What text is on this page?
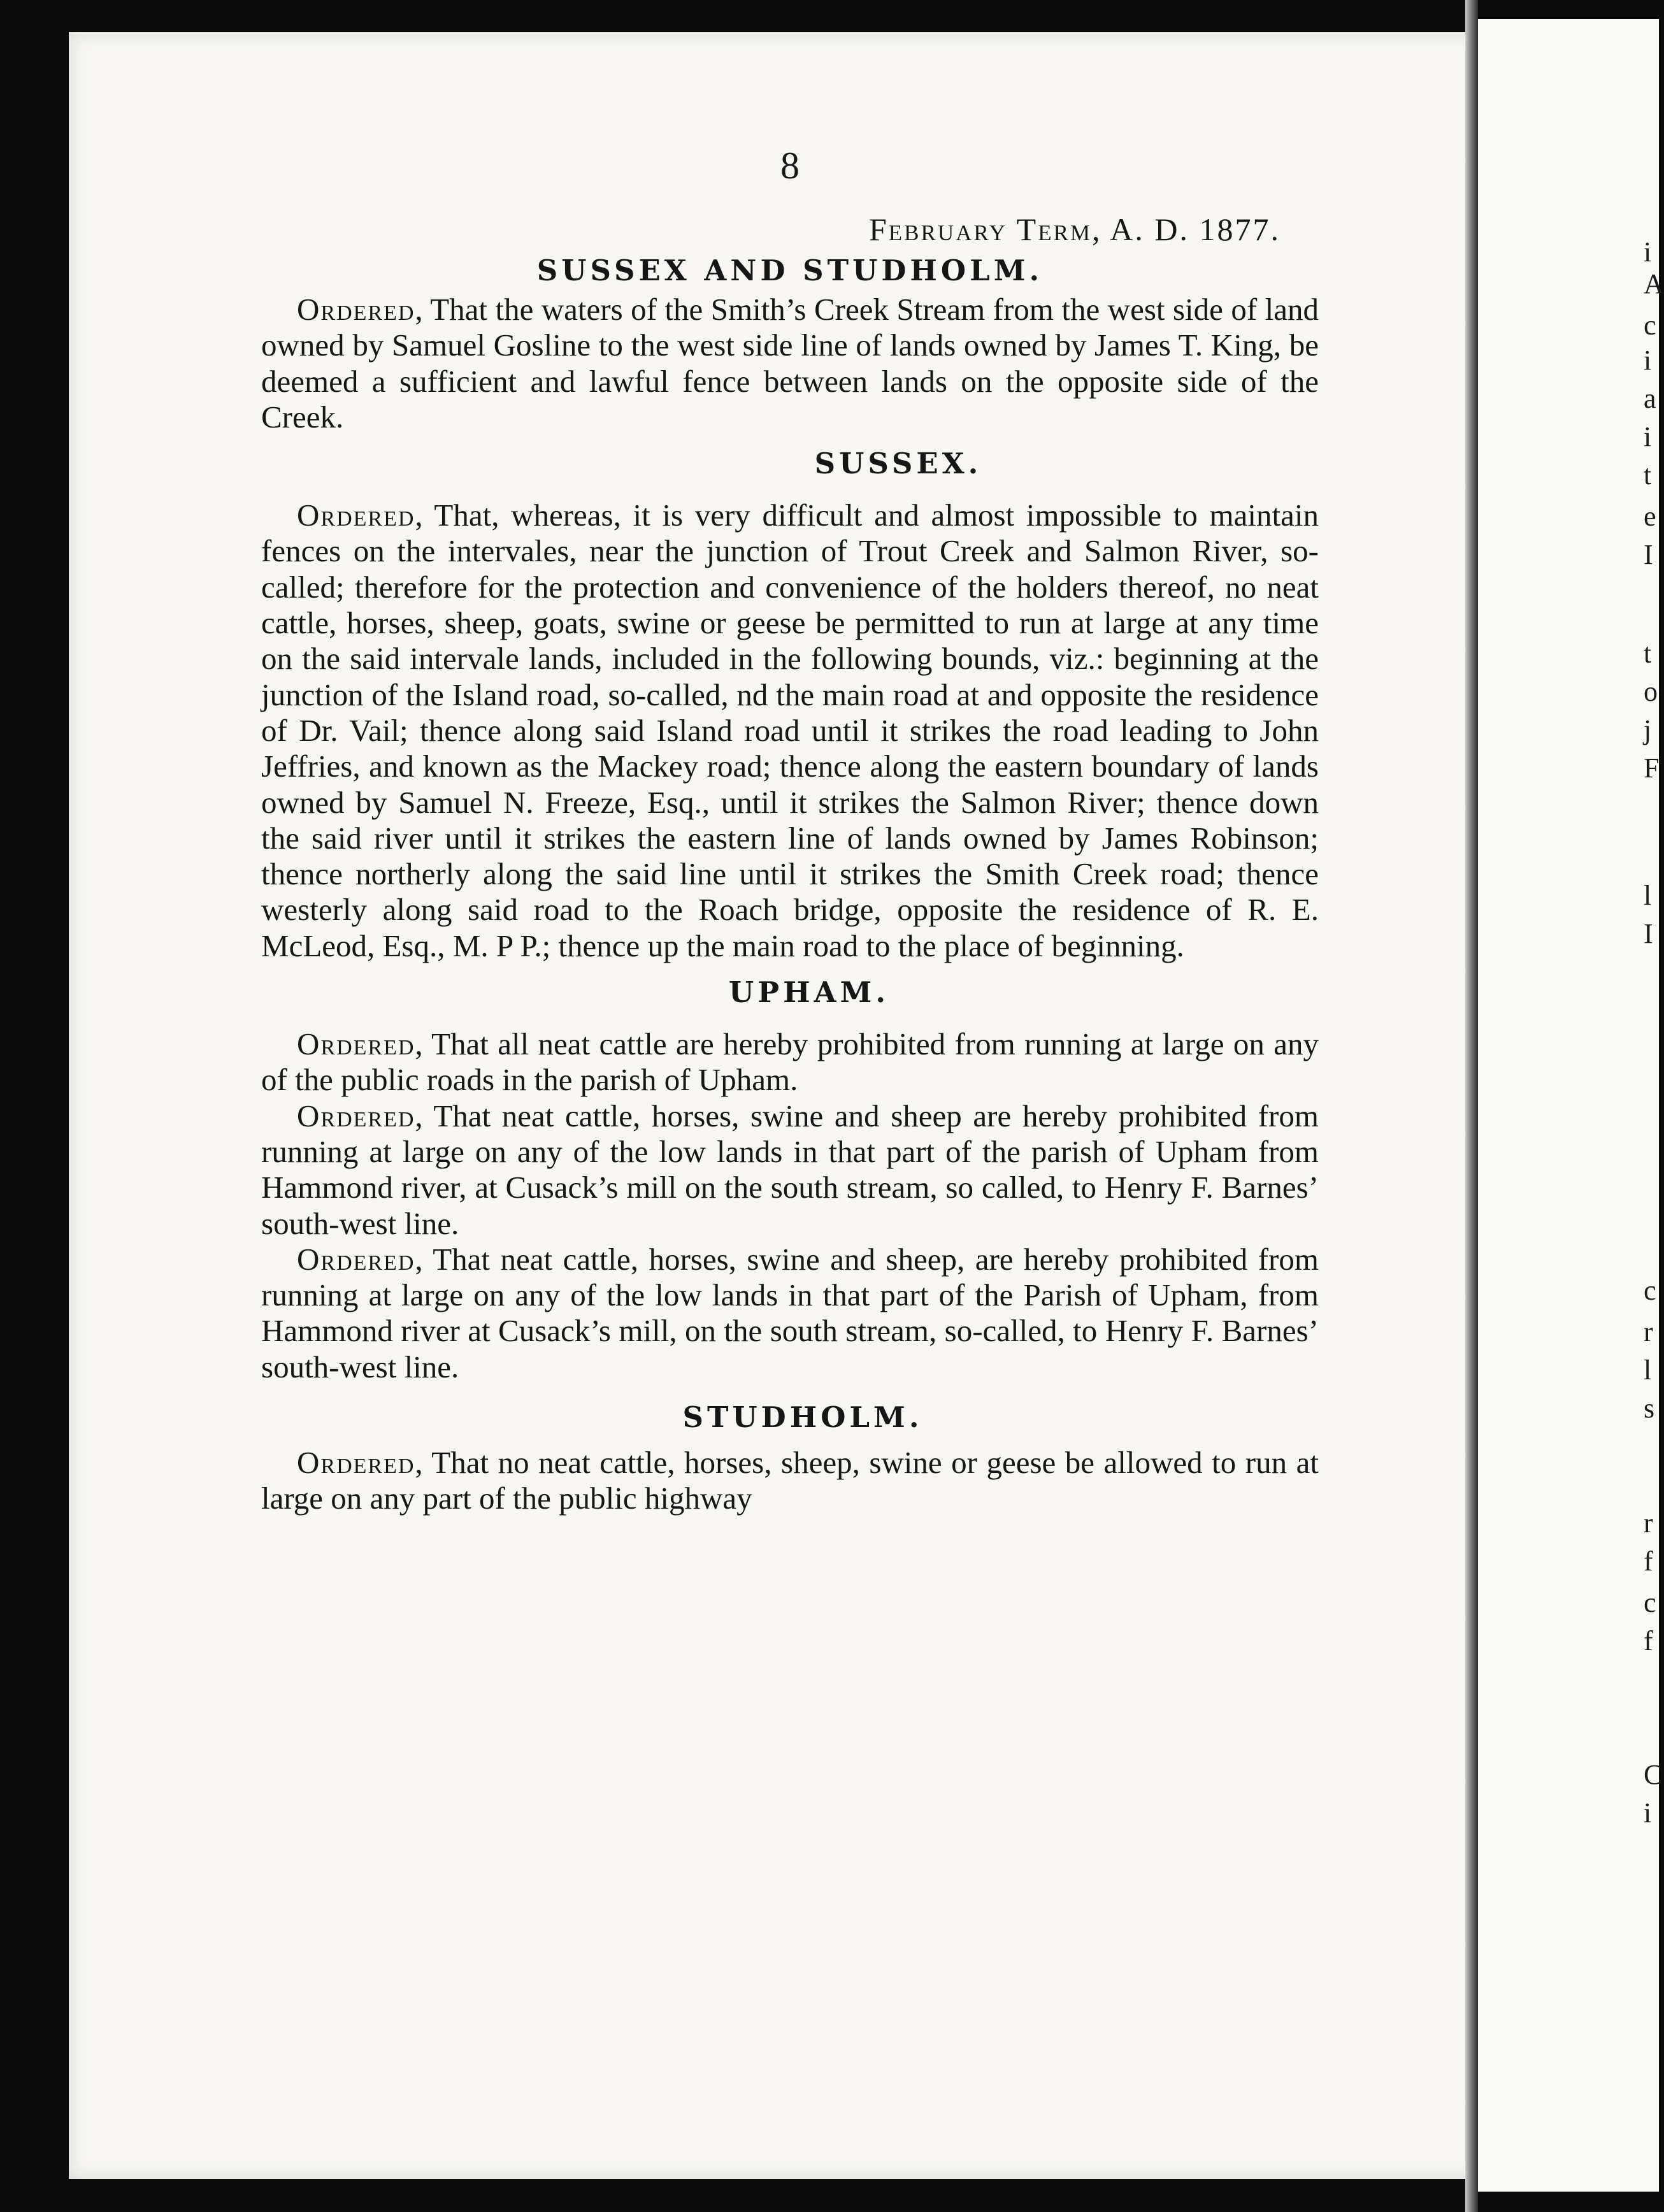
i
A
c
i
a
i
t
e
I
t
o
j
F
l
I
c
r
l
s
r
f
c
f
C
i
8
February Term, A. D. 1877.
SUSSEX AND STUDHOLM.

Ordered, That the waters of the Smith’s Creek Stream from the west side of land owned by Samuel Gosline to the west side line of lands owned by James T. King, be deemed a sufficient and lawful fence between lands on the opposite side of the Creek.

SUSSEX.

Ordered, That, whereas, it is very difficult and almost impossible to maintain fences on the intervales, near the junction of Trout Creek and Salmon River, so-called; therefore for the protection and convenience of the holders thereof, no neat cattle, horses, sheep, goats, swine or geese be permitted to run at large at any time on the said intervale lands, included in the following bounds, viz.: beginning at the junction of the Island road, so-called, nd the main road at and opposite the residence of Dr. Vail; thence along said Island road until it strikes the road leading to John Jeffries, and known as the Mackey road; thence along the eastern boundary of lands owned by Samuel N. Freeze, Esq., until it strikes the Salmon River; thence down the said river until it strikes the eastern line of lands owned by James Robinson; thence northerly along the said line until it strikes the Smith Creek road; thence westerly along said road to the Roach bridge, opposite the residence of R. E. McLeod, Esq., M. P P.; thence up the main road to the place of beginning.

UPHAM.

Ordered, That all neat cattle are hereby prohibited from running at large on any of the public roads in the parish of Upham.

Ordered, That neat cattle, horses, swine and sheep are hereby prohibited from running at large on any of the low lands in that part of the parish of Upham from Hammond river, at Cusack’s mill on the south stream, so called, to Henry F. Barnes’ south-west line.

Ordered, That neat cattle, horses, swine and sheep, are hereby prohibited from running at large on any of the low lands in that part of the Parish of Upham, from Hammond river at Cusack’s mill, on the south stream, so-called, to Henry F. Barnes’ south-west line.

STUDHOLM.

Ordered, That no neat cattle, horses, sheep, swine or geese be allowed to run at large on any part of the public highway
